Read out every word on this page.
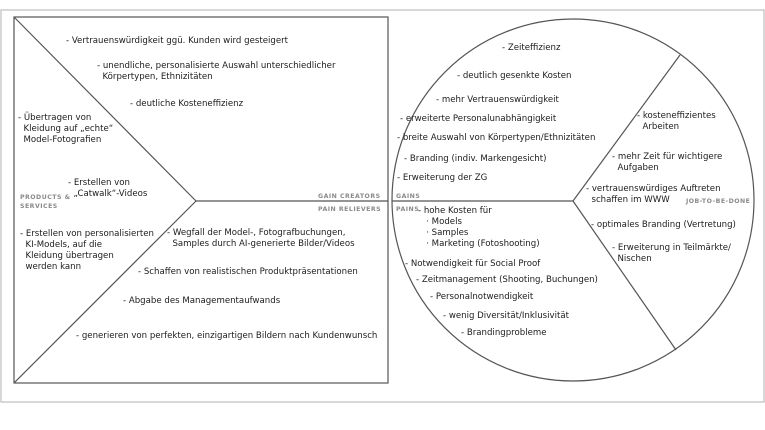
PRODUCTS &
SERVICES
GAIN CREATORS
PAIN RELIEVERS
GAINS
PAINS
JOB-TO-BE-DONE
- Vertrauenswürdigkeit ggü. Kunden wird gesteigert
- unendliche, personalisierte Auswahl unterschiedlicher
Körpertypen, Ethnizitäten
- deutliche Kosteneffizienz
- Übertragen von
Kleidung auf „echte“
Model-Fotografien
- Erstellen von
„Catwalk“-Videos
- Erstellen von personalisierten
KI-Models, auf die
Kleidung übertragen
werden kann
- Wegfall der Model-, Fotografbuchungen,
Samples durch AI-generierte Bilder/Videos
- Schaffen von realistischen Produktpräsentationen
- Abgabe des Managementaufwands
- generieren von perfekten, einzigartigen Bildern nach Kundenwunsch
- Zeiteffizienz
- deutlich gesenkte Kosten
- mehr Vertrauenswürdigkeit
- erweiterte Personalunabhängigkeit
- breite Auswahl von Körpertypen/Ethnizitäten
- Branding (indiv. Markengesicht)
- Erweiterung der ZG
- hohe Kosten für
· Models
· Samples
· Marketing (Fotoshooting)
- Notwendigkeit für Social Proof
- Zeitmanagement (Shooting, Buchungen)
- Personalnotwendigkeit
- wenig Diversität/Inklusivität
- Brandingprobleme
- kosteneffizientes
Arbeiten
- mehr Zeit für wichtigere
Aufgaben
- vertrauenswürdiges Auftreten
schaffen im WWW
- optimales Branding (Vertretung)
- Erweiterung in Teilmärkte/
Nischen
